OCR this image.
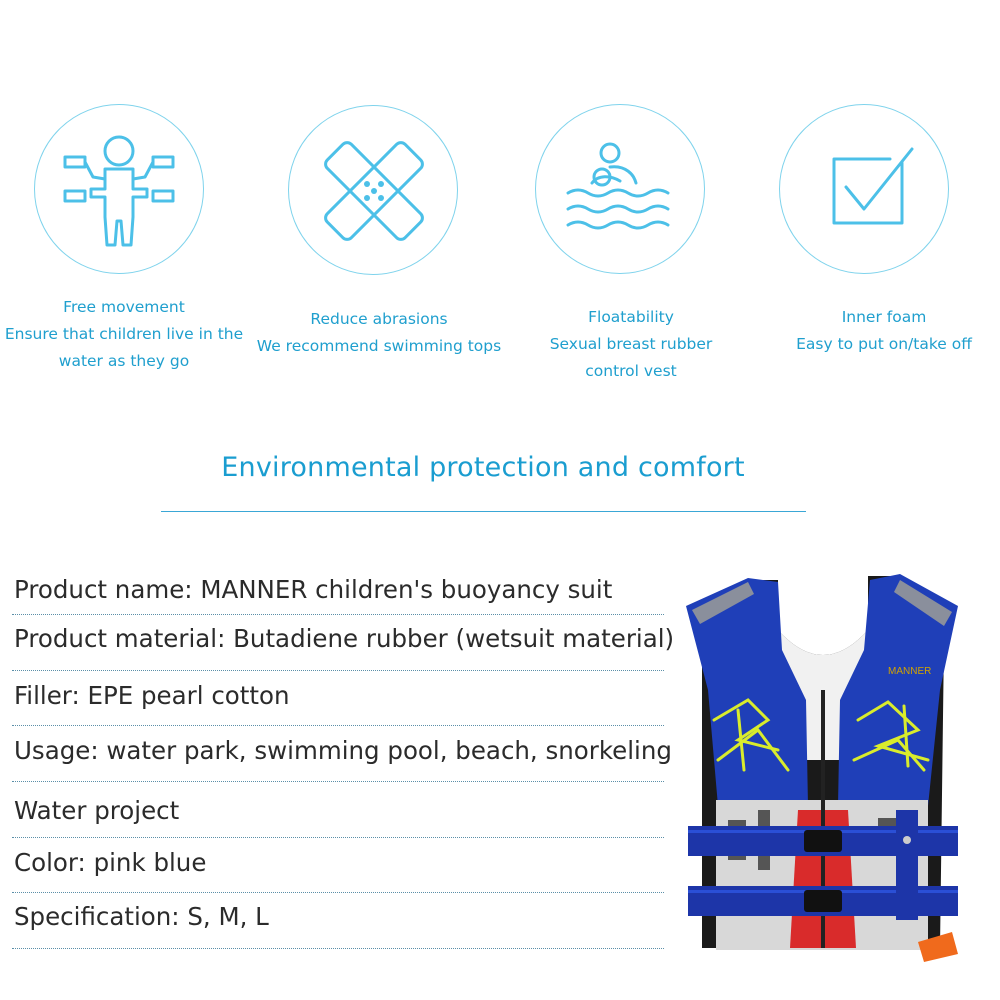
Free movement
Ensure that children live in the
water as they go
Reduce abrasions
We recommend swimming tops
Floatability
Sexual breast rubber
control vest
Inner foam
Easy to put on/take off
Environmental protection and comfort
Product name: MANNER children's buoyancy suit
Product material: Butadiene rubber (wetsuit material)
Filler: EPE pearl cotton
Usage: water park, swimming pool, beach, snorkeling
Water project
Color: pink blue
Specification: S, M, L
MANNER
